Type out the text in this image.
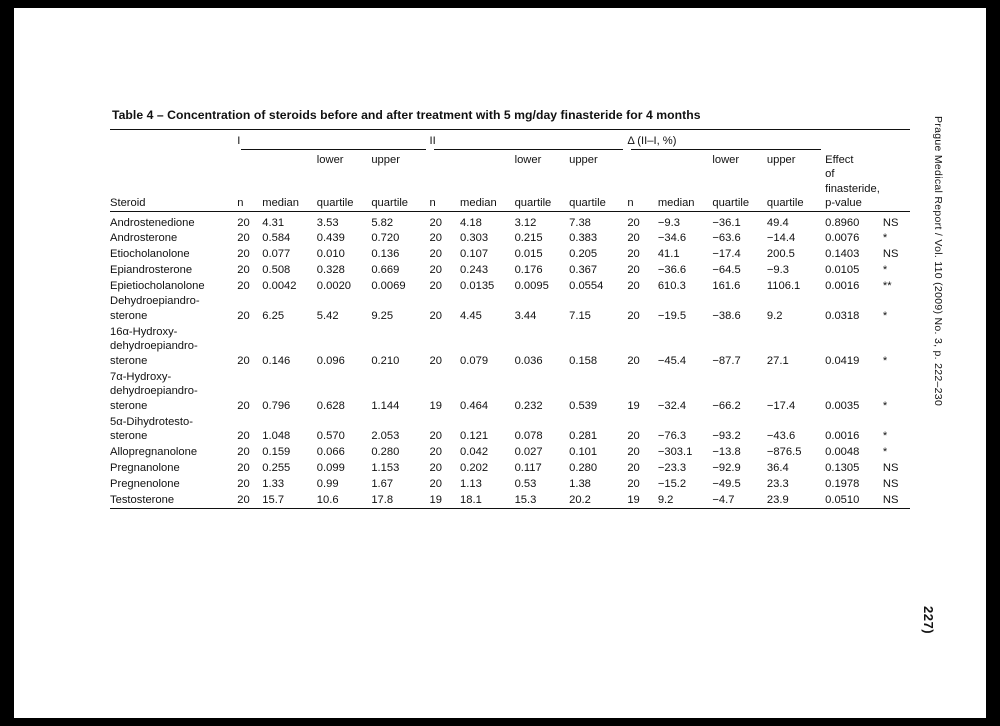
Prague Medical Report / Vol. 110 (2009) No. 3, p. 222–230
227)
Table 4 – Concentration of steroids before and after treatment with 5 mg/day finasteride for 4 months

	I				II				Δ (II–I, %)					

			lower	upper			lower	upper			lower	upper	Effect	
													of finasteride,	
Steroid	n	median	quartile	quartile	n	median	quartile	quartile	n	median	quartile	quartile	p-value	

Androstenedione	20	4.31	3.53	5.82	20	4.18	3.12	7.38	20	−9.3	−36.1	49.4	0.8960	NS
Androsterone	20	0.584	0.439	0.720	20	0.303	0.215	0.383	20	−34.6	−63.6	−14.4	0.0076	*
Etiocholanolone	20	0.077	0.010	0.136	20	0.107	0.015	0.205	20	41.1	−17.4	200.5	0.1403	NS
Epiandrosterone	20	0.508	0.328	0.669	20	0.243	0.176	0.367	20	−36.6	−64.5	−9.3	0.0105	*
Epietiocholanolone	20	0.0042	0.0020	0.0069	20	0.0135	0.0095	0.0554	20	610.3	161.6	1106.1	0.0016	**
Dehydroepiandro-
sterone	20	6.25	5.42	9.25	20	4.45	3.44	7.15	20	−19.5	−38.6	9.2	0.0318	*
16α-Hydroxy-
dehydroepiandro-
sterone	20	0.146	0.096	0.210	20	0.079	0.036	0.158	20	−45.4	−87.7	27.1	0.0419	*
7α-Hydroxy-
dehydroepiandro-
sterone	20	0.796	0.628	1.144	19	0.464	0.232	0.539	19	−32.4	−66.2	−17.4	0.0035	*
5α-Dihydrotesto-
sterone	20	1.048	0.570	2.053	20	0.121	0.078	0.281	20	−76.3	−93.2	−43.6	0.0016	*
Allopregnanolone	20	0.159	0.066	0.280	20	0.042	0.027	0.101	20	−303.1	−13.8	−876.5	0.0048	*
Pregnanolone	20	0.255	0.099	1.153	20	0.202	0.117	0.280	20	−23.3	−92.9	36.4	0.1305	NS
Pregnenolone	20	1.33	0.99	1.67	20	1.13	0.53	1.38	20	−15.2	−49.5	23.3	0.1978	NS
Testosterone	20	15.7	10.6	17.8	19	18.1	15.3	20.2	19	9.2	−4.7	23.9	0.0510	NS
